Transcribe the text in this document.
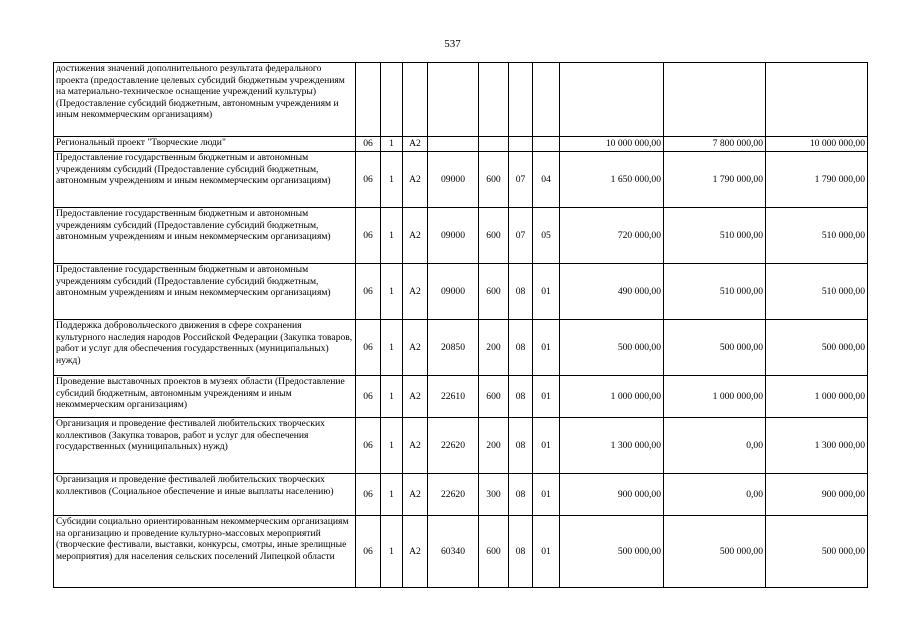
537
достижения значений дополнительного результата федерального проекта (предоставление целевых субсидий бюджетным учреждениям на материально-техническое оснащение учреждений культуры) (Предоставление субсидий бюджетным, автономным учреждениям и иным некоммерческим организациям)										
Региональный проект "Творческие люди"	06	1	А2					10 000 000,00	7 800 000,00	10 000 000,00
Предоставление государственным бюджетным и автономным учреждениям субсидий (Предоставление субсидий бюджетным, автономным учреждениям и иным некоммерческим организациям)	06	1	А2	09000	600	07	04	1 650 000,00	1 790 000,00	1 790 000,00
Предоставление государственным бюджетным и автономным учреждениям субсидий (Предоставление субсидий бюджетным, автономным учреждениям и иным некоммерческим организациям)	06	1	А2	09000	600	07	05	720 000,00	510 000,00	510 000,00
Предоставление государственным бюджетным и автономным учреждениям субсидий (Предоставление субсидий бюджетным, автономным учреждениям и иным некоммерческим организациям)	06	1	А2	09000	600	08	01	490 000,00	510 000,00	510 000,00
Поддержка добровольческого движения в сфере сохранения культурного наследия народов Российской Федерации (Закупка товаров, работ и услуг для обеспечения государственных (муниципальных) нужд)	06	1	А2	20850	200	08	01	500 000,00	500 000,00	500 000,00
Проведение выставочных проектов в музеях области (Предоставление субсидий бюджетным, автономным учреждениям и иным некоммерческим организациям)	06	1	А2	22610	600	08	01	1 000 000,00	1 000 000,00	1 000 000,00
Организация и проведение фестивалей любительских творческих коллективов (Закупка товаров, работ и услуг для обеспечения государственных (муниципальных) нужд)	06	1	А2	22620	200	08	01	1 300 000,00	0,00	1 300 000,00
Организация и проведение фестивалей любительских творческих коллективов (Социальное обеспечение и иные выплаты населению)	06	1	А2	22620	300	08	01	900 000,00	0,00	900 000,00
Субсидии социально ориентированным некоммерческим организациям на организацию и проведение культурно-массовых мероприятий (творческие фестивали, выставки, конкурсы, смотры, иные зрелищные мероприятия) для населения сельских поселений Липецкой области	06	1	А2	60340	600	08	01	500 000,00	500 000,00	500 000,00
